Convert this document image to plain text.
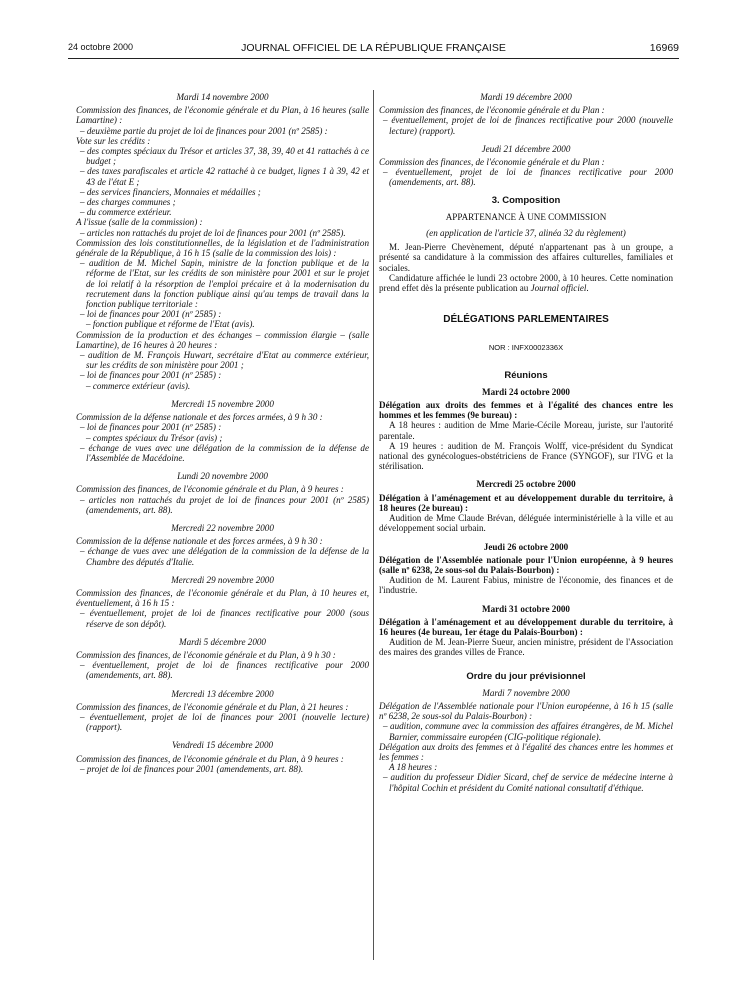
24 octobre 2000	JOURNAL OFFICIEL DE LA RÉPUBLIQUE FRANÇAISE	16969

Mardi 14 novembre 2000

Commission des finances, de l'économie générale et du Plan, à 16 heures (salle Lamartine) :

– deuxième partie du projet de loi de finances pour 2001 (nº 2585) :

Vote sur les crédits :

– des comptes spéciaux du Trésor et articles 37, 38, 39, 40 et 41 rattachés à ce budget ;

– des taxes parafiscales et article 42 rattaché à ce budget, lignes 1 à 39, 42 et 43 de l'état E ;

– des services financiers, Monnaies et médailles ;

– des charges communes ;

– du commerce extérieur.

A l'issue (salle de la commission) :

– articles non rattachés du projet de loi de finances pour 2001 (nº 2585).

Commission des lois constitutionnelles, de la législation et de l'administration générale de la République, à 16 h 15 (salle de la commission des lois) :

– audition de M. Michel Sapin, ministre de la fonction publique et de la réforme de l'Etat, sur les crédits de son ministère pour 2001 et sur le projet de loi relatif à la résorption de l'emploi précaire et à la modernisation du recrutement dans la fonction publique ainsi qu'au temps de travail dans la fonction publique territoriale :

– loi de finances pour 2001 (nº 2585) :

– fonction publique et réforme de l'Etat (avis).

Commission de la production et des échanges – commission élargie – (salle Lamartine), de 16 heures à 20 heures :

– audition de M. François Huwart, secrétaire d'Etat au commerce extérieur, sur les crédits de son ministère pour 2001 ;

– loi de finances pour 2001 (nº 2585) :

– commerce extérieur (avis).

Mercredi 15 novembre 2000

Commission de la défense nationale et des forces armées, à 9 h 30 :

– loi de finances pour 2001 (nº 2585) :

– comptes spéciaux du Trésor (avis) ;

– échange de vues avec une délégation de la commission de la défense de l'Assemblée de Macédoine.

Lundi 20 novembre 2000

Commission des finances, de l'économie générale et du Plan, à 9 heures :

– articles non rattachés du projet de loi de finances pour 2001 (nº 2585) (amendements, art. 88).

Mercredi 22 novembre 2000

Commission de la défense nationale et des forces armées, à 9 h 30 :

– échange de vues avec une délégation de la commission de la défense de la Chambre des députés d'Italie.

Mercredi 29 novembre 2000

Commission des finances, de l'économie générale et du Plan, à 10 heures et, éventuellement, à 16 h 15 :

– éventuellement, projet de loi de finances rectificative pour 2000 (sous réserve de son dépôt).

Mardi 5 décembre 2000

Commission des finances, de l'économie générale et du Plan, à 9 h 30 :

– éventuellement, projet de loi de finances rectificative pour 2000 (amendements, art. 88).

Mercredi 13 décembre 2000

Commission des finances, de l'économie générale et du Plan, à 21 heures :

– éventuellement, projet de loi de finances pour 2001 (nouvelle lecture) (rapport).

Vendredi 15 décembre 2000

Commission des finances, de l'économie générale et du Plan, à 9 heures :

– projet de loi de finances pour 2001 (amendements, art. 88).

Mardi 19 décembre 2000

Commission des finances, de l'économie générale et du Plan :

– éventuellement, projet de loi de finances rectificative pour 2000 (nouvelle lecture) (rapport).

Jeudi 21 décembre 2000

Commission des finances, de l'économie générale et du Plan :

– éventuellement, projet de loi de finances rectificative pour 2000 (amendements, art. 88).

3. Composition

APPARTENANCE À UNE COMMISSION

(en application de l'article 37, alinéa 32 du règlement)

M. Jean-Pierre Chevènement, député n'appartenant pas à un groupe, a présenté sa candidature à la commission des affaires culturelles, familiales et sociales.

Candidature affichée le lundi 23 octobre 2000, à 10 heures. Cette nomination prend effet dès la présente publication au Journal officiel.

DÉLÉGATIONS PARLEMENTAIRES

NOR : INFX0002336X

Réunions

Mardi 24 octobre 2000

Délégation aux droits des femmes et à l'égalité des chances entre les hommes et les femmes (9e bureau) :

A 18 heures : audition de Mme Marie-Cécile Moreau, juriste, sur l'autorité parentale.

A 19 heures : audition de M. François Wolff, vice-président du Syndicat national des gynécologues-obstétriciens de France (SYNGOF), sur l'IVG et la stérilisation.

Mercredi 25 octobre 2000

Délégation à l'aménagement et au développement durable du territoire, à 18 heures (2e bureau) :

Audition de Mme Claude Brévan, déléguée interministérielle à la ville et au développement social urbain.

Jeudi 26 octobre 2000

Délégation de l'Assemblée nationale pour l'Union européenne, à 9 heures (salle nº 6238, 2e sous-sol du Palais-Bourbon) :

Audition de M. Laurent Fabius, ministre de l'économie, des finances et de l'industrie.

Mardi 31 octobre 2000

Délégation à l'aménagement et au développement durable du territoire, à 16 heures (4e bureau, 1er étage du Palais-Bourbon) :

Audition de M. Jean-Pierre Sueur, ancien ministre, président de l'Association des maires des grandes villes de France.

Ordre du jour prévisionnel

Mardi 7 novembre 2000

Délégation de l'Assemblée nationale pour l'Union européenne, à 16 h 15 (salle nº 6238, 2e sous-sol du Palais-Bourbon) :

– audition, commune avec la commission des affaires étrangères, de M. Michel Barnier, commissaire européen (CIG-politique régionale).

Délégation aux droits des femmes et à l'égalité des chances entre les hommes et les femmes :

A 18 heures :

– audition du professeur Didier Sicard, chef de service de médecine interne à l'hôpital Cochin et président du Comité national consultatif d'éthique.
